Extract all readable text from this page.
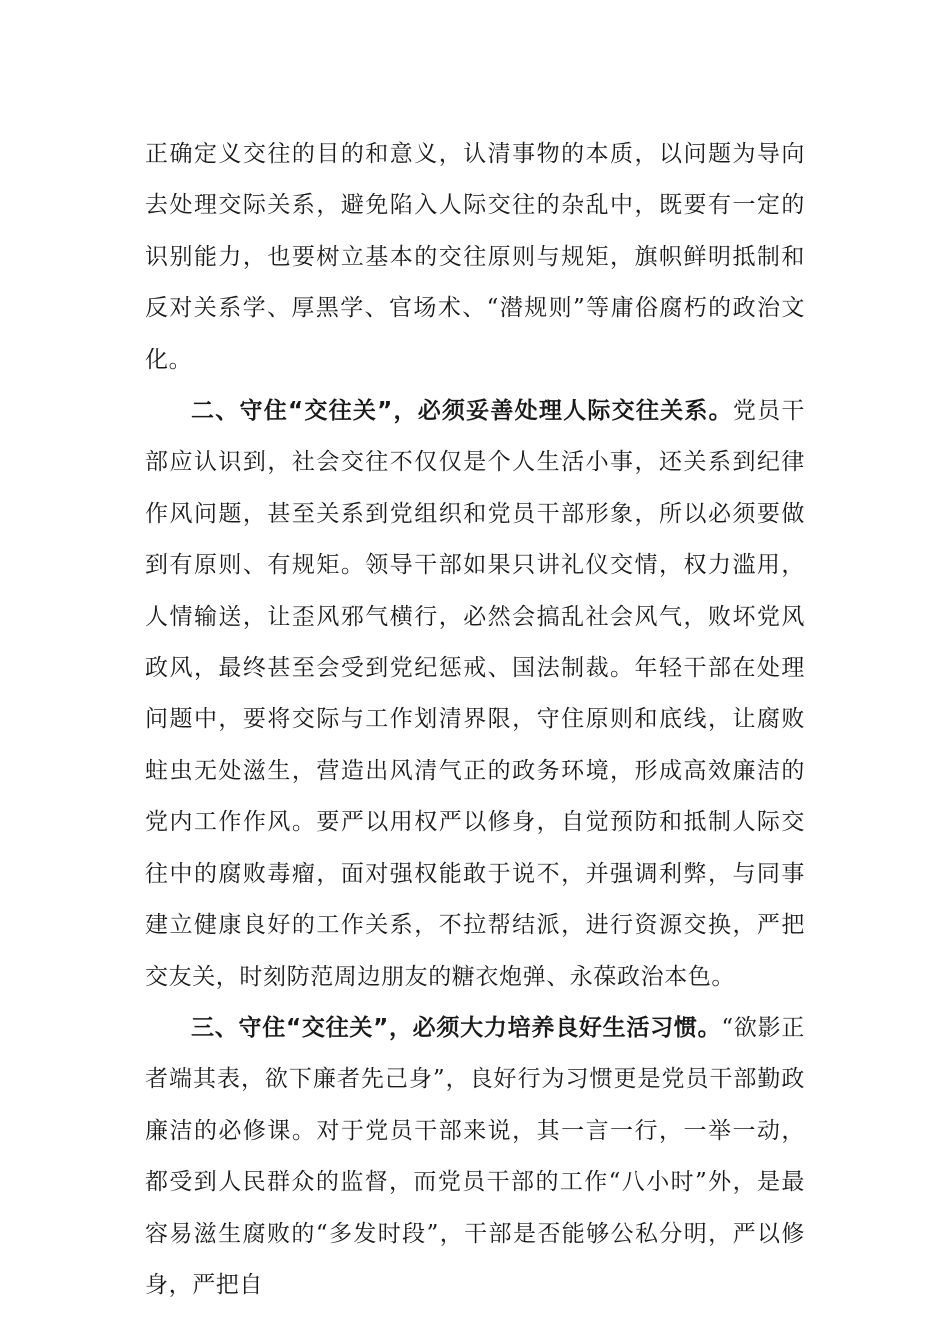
正确定义交往的目的和意义，认清事物的本质，以问题为导向去处理交际关系，避免陷入人际交往的杂乱中，既要有一定的识别能力，也要树立基本的交往原则与规矩，旗帜鲜明抵制和反对关系学、厚黑学、官场术、“潜规则”等庸俗腐朽的政治文化。

二、守住“交往关”，必须妥善处理人际交往关系。党员干部应认识到，社会交往不仅仅是个人生活小事，还关系到纪律作风问题，甚至关系到党组织和党员干部形象，所以必须要做到有原则、有规矩。领导干部如果只讲礼仪交情，权力滥用，人情输送，让歪风邪气横行，必然会搞乱社会风气，败坏党风政风，最终甚至会受到党纪惩戒、国法制裁。年轻干部在处理问题中，要将交际与工作划清界限，守住原则和底线，让腐败蛀虫无处滋生，营造出风清气正的政务环境，形成高效廉洁的党内工作作风。要严以用权严以修身，自觉预防和抵制人际交往中的腐败毒瘤，面对强权能敢于说不，并强调利弊，与同事建立健康良好的工作关系，不拉帮结派，进行资源交换，严把交友关，时刻防范周边朋友的糖衣炮弹、永葆政治本色。

三、守住“交往关”，必须大力培养良好生活习惯。“欲影正者端其表，欲下廉者先己身”，良好行为习惯更是党员干部勤政廉洁的必修课。对于党员干部来说，其一言一行，一举一动，都受到人民群众的监督，而党员干部的工作“八小时”外，是最容易滋生腐败的“多发时段”，干部是否能够公私分明，严以修身，严把自
